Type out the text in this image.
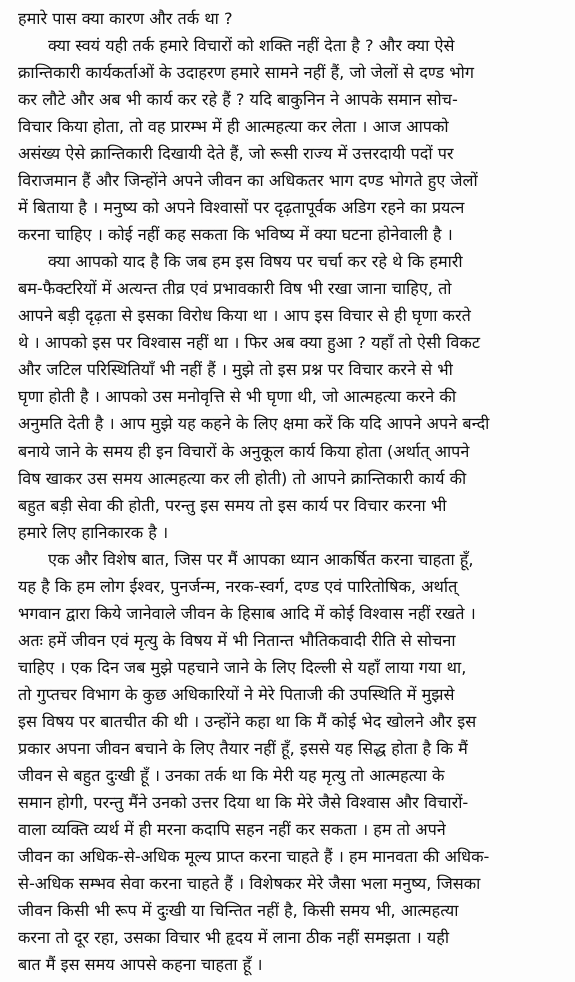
हमारे पास क्या कारण और तर्क था ?
क्या स्वयं यही तर्क हमारे विचारों को शक्ति नहीं देता है ? और क्या ऐसे
क्रान्तिकारी कार्यकर्ताओं के उदाहरण हमारे सामने नहीं हैं, जो जेलों से दण्ड भोग
कर लौटे और अब भी कार्य कर रहे हैं ? यदि बाकुनिन ने आपके समान सोच-
विचार किया होता, तो वह प्रारम्भ में ही आत्महत्या कर लेता । आज आपको
असंख्य ऐसे क्रान्तिकारी दिखायी देते हैं, जो रूसी राज्य में उत्तरदायी पदों पर
विराजमान हैं और जिन्होंने अपने जीवन का अधिकतर भाग दण्ड भोगते हुए जेलों
में बिताया है । मनुष्य को अपने विश्वासों पर दृढ़तापूर्वक अडिग रहने का प्रयत्न
करना चाहिए । कोई नहीं कह सकता कि भविष्य में क्या घटना होनेवाली है ।
क्या आपको याद है कि जब हम इस विषय पर चर्चा कर रहे थे कि हमारी
बम-फैक्टरियों में अत्यन्त तीव्र एवं प्रभावकारी विष भी रखा जाना चाहिए, तो
आपने बड़ी दृढ़ता से इसका विरोध किया था । आप इस विचार से ही घृणा करते
थे । आपको इस पर विश्वास नहीं था । फिर अब क्या हुआ ? यहाँ तो ऐसी विकट
और जटिल परिस्थितियाँ भी नहीं हैं । मुझे तो इस प्रश्न पर विचार करने से भी
घृणा होती है । आपको उस मनोवृत्ति से भी घृणा थी, जो आत्महत्या करने की
अनुमति देती है । आप मुझे यह कहने के लिए क्षमा करें कि यदि आपने अपने बन्दी
बनाये जाने के समय ही इन विचारों के अनुकूल कार्य किया होता (अर्थात् आपने
विष खाकर उस समय आत्महत्या कर ली होती) तो आपने क्रान्तिकारी कार्य की
बहुत बड़ी सेवा की होती, परन्तु इस समय तो इस कार्य पर विचार करना भी
हमारे लिए हानिकारक है ।
एक और विशेष बात, जिस पर मैं आपका ध्यान आकर्षित करना चाहता हूँ,
यह है कि हम लोग ईश्वर, पुनर्जन्म, नरक-स्वर्ग, दण्ड एवं पारितोषिक, अर्थात्
भगवान द्वारा किये जानेवाले जीवन के हिसाब आदि में कोई विश्वास नहीं रखते ।
अतः हमें जीवन एवं मृत्यु के विषय में भी नितान्त भौतिकवादी रीति से सोचना
चाहिए । एक दिन जब मुझे पहचाने जाने के लिए दिल्ली से यहाँ लाया गया था,
तो गुप्तचर विभाग के कुछ अधिकारियों ने मेरे पिताजी की उपस्थिति में मुझसे
इस विषय पर बातचीत की थी । उन्होंने कहा था कि मैं कोई भेद खोलने और इस
प्रकार अपना जीवन बचाने के लिए तैयार नहीं हूँ, इससे यह सिद्ध होता है कि मैं
जीवन से बहुत दुःखी हूँ । उनका तर्क था कि मेरी यह मृत्यु तो आत्महत्या के
समान होगी, परन्तु मैंने उनको उत्तर दिया था कि मेरे जैसे विश्वास और विचारों-
वाला व्यक्ति व्यर्थ में ही मरना कदापि सहन नहीं कर सकता । हम तो अपने
जीवन का अधिक-से-अधिक मूल्य प्राप्त करना चाहते हैं । हम मानवता की अधिक-
से-अधिक सम्भव सेवा करना चाहते हैं । विशेषकर मेरे जैसा भला मनुष्य, जिसका
जीवन किसी भी रूप में दुःखी या चिन्तित नहीं है, किसी समय भी, आत्महत्या
करना तो दूर रहा, उसका विचार भी हृदय में लाना ठीक नहीं समझता । यही
बात मैं इस समय आपसे कहना चाहता हूँ ।
